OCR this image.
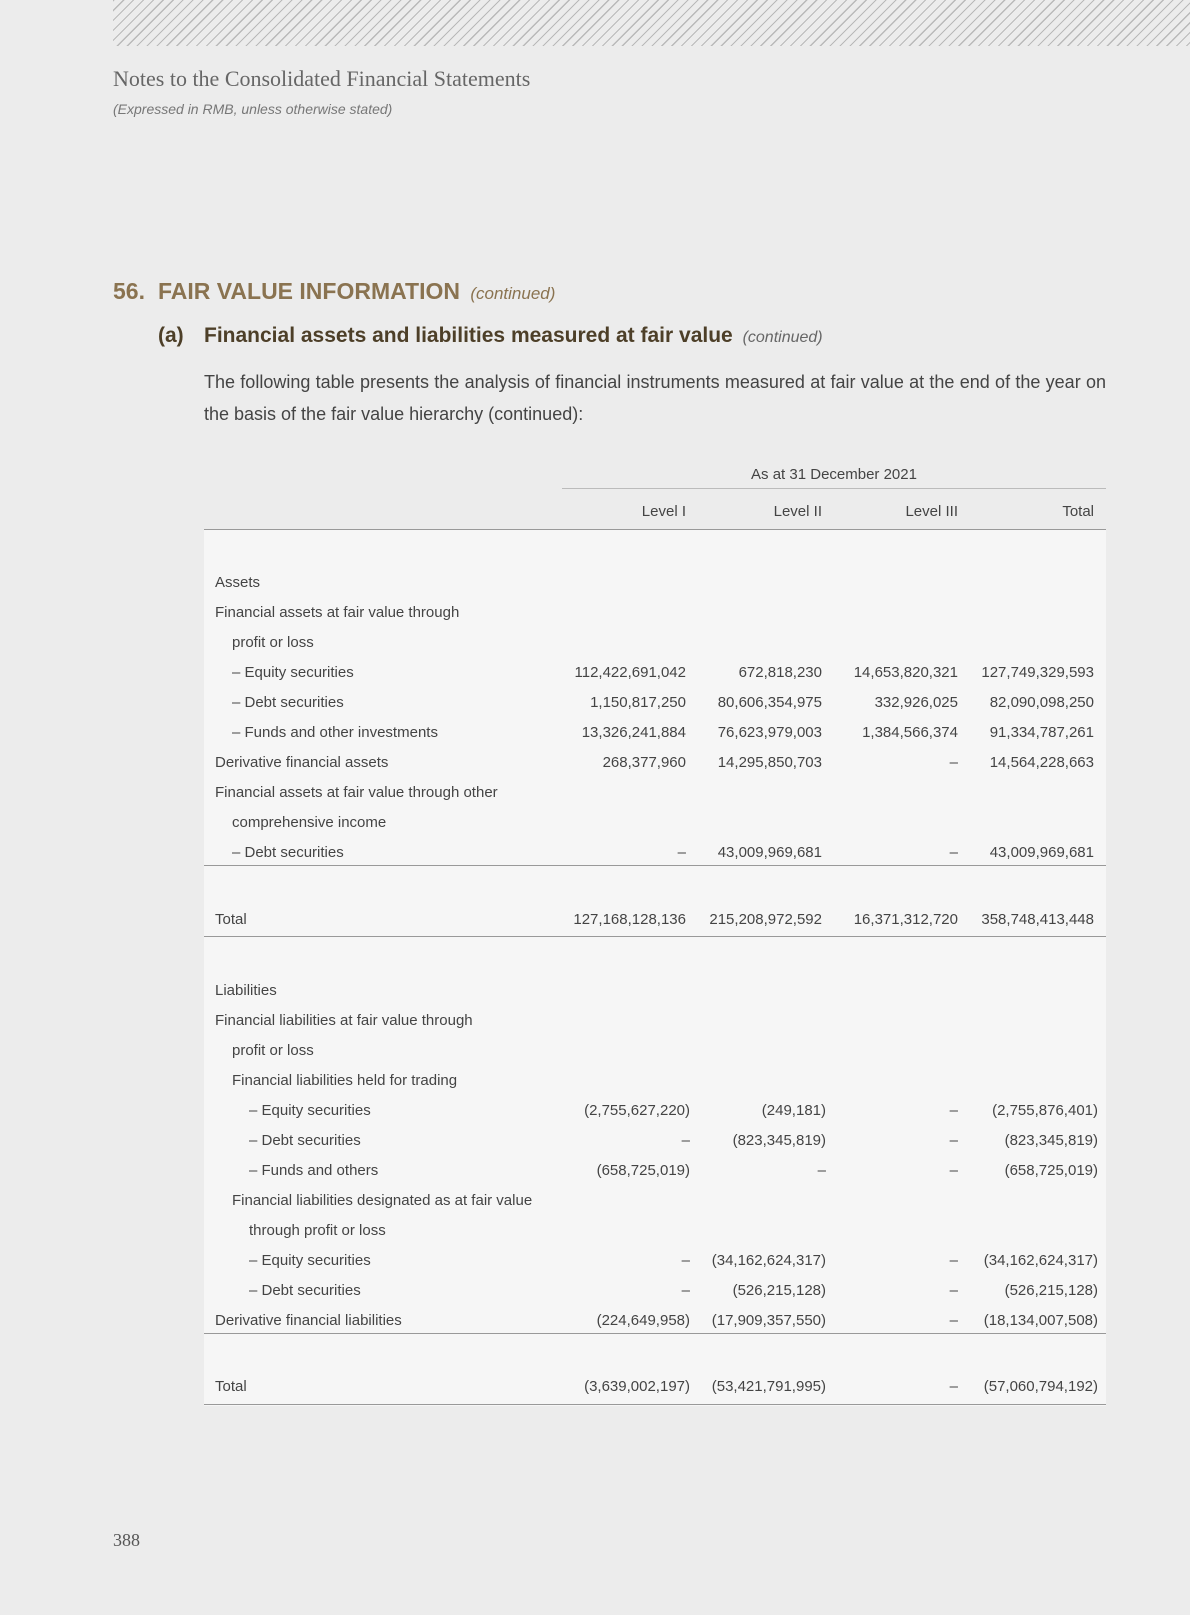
Notes to the Consolidated Financial Statements
(Expressed in RMB, unless otherwise stated)
56. FAIR VALUE INFORMATION (continued)
(a) Financial assets and liabilities measured at fair value (continued)
The following table presents the analysis of financial instruments measured at fair value at the end of the year on the basis of the fair value hierarchy (continued):
As at 31 December 2021
Level I	Level II	Level III	Total
Assets
Financial assets at fair value through
profit or loss
– Equity securities	112,422,691,042	672,818,230	14,653,820,321	127,749,329,593
– Debt securities	1,150,817,250	80,606,354,975	332,926,025	82,090,098,250
– Funds and other investments	13,326,241,884	76,623,979,003	1,384,566,374	91,334,787,261
Derivative financial assets	268,377,960	14,295,850,703	–	14,564,228,663
Financial assets at fair value through other
comprehensive income
– Debt securities	–	43,009,969,681	–	43,009,969,681
Total	127,168,128,136	215,208,972,592	16,371,312,720	358,748,413,448
Liabilities
Financial liabilities at fair value through
profit or loss
Financial liabilities held for trading
– Equity securities	(2,755,627,220)	(249,181)	–	(2,755,876,401)
– Debt securities	–	(823,345,819)	–	(823,345,819)
– Funds and others	(658,725,019)	–	–	(658,725,019)
Financial liabilities designated as at fair value
through profit or loss
– Equity securities	–	(34,162,624,317)	–	(34,162,624,317)
– Debt securities	–	(526,215,128)	–	(526,215,128)
Derivative financial liabilities	(224,649,958)	(17,909,357,550)	–	(18,134,007,508)
Total	(3,639,002,197)	(53,421,791,995)	–	(57,060,794,192)
388
